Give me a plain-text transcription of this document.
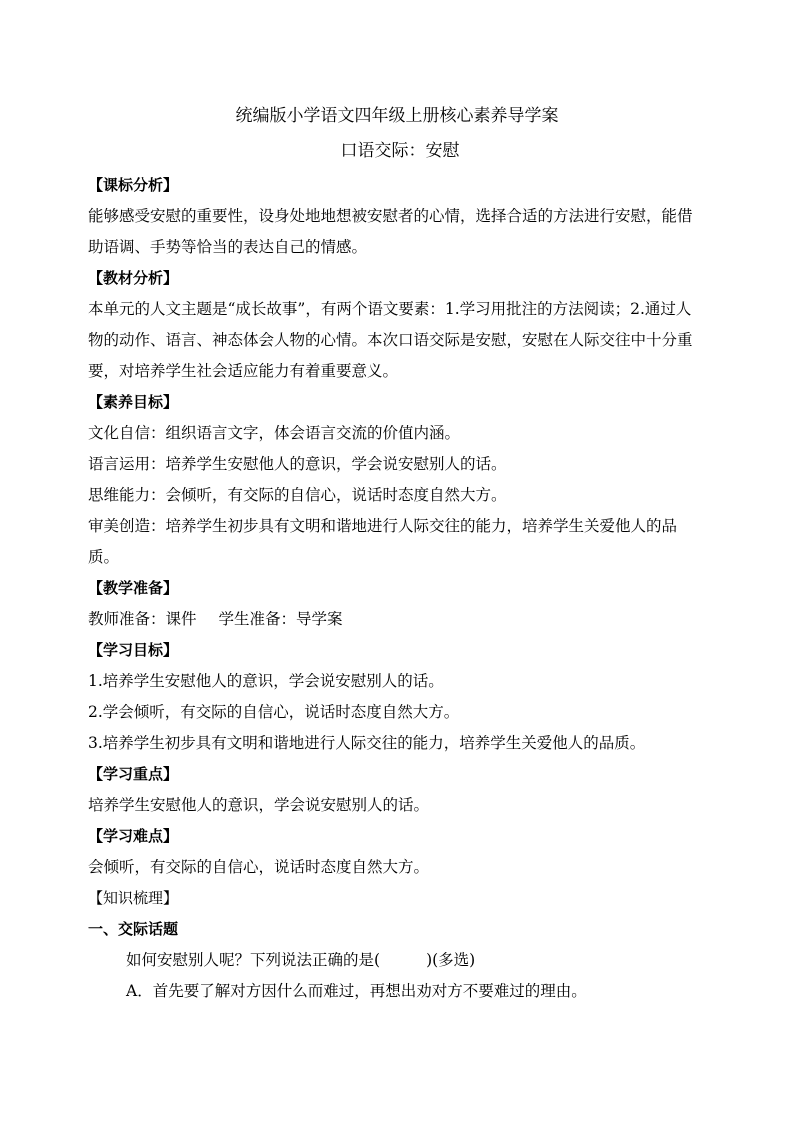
统编版小学语文四年级上册核心素养导学案
口语交际：安慰
【课标分析】
能够感受安慰的重要性，设身处地地想被安慰者的心情，选择合适的方法进行安慰，能借助语调、手势等恰当的表达自己的情感。
【教材分析】
本单元的人文主题是“成长故事”，有两个语文要素：1.学习用批注的方法阅读；2.通过人物的动作、语言、神态体会人物的心情。本次口语交际是安慰，安慰在人际交往中十分重要，对培养学生社会适应能力有着重要意义。
【素养目标】
文化自信：组织语言文字，体会语言交流的价值内涵。
语言运用：培养学生安慰他人的意识，学会说安慰别人的话。
思维能力：会倾听，有交际的自信心，说话时态度自然大方。
审美创造：培养学生初步具有文明和谐地进行人际交往的能力，培养学生关爱他人的品质。
【教学准备】
教师准备：课件 学生准备：导学案
【学习目标】
1.培养学生安慰他人的意识，学会说安慰别人的话。
2.学会倾听，有交际的自信心，说话时态度自然大方。
3.培养学生初步具有文明和谐地进行人际交往的能力，培养学生关爱他人的品质。
【学习重点】
培养学生安慰他人的意识，学会说安慰别人的话。
【学习难点】
会倾听，有交际的自信心，说话时态度自然大方。
【知识梳理】
一、交际话题
如何安慰别人呢？下列说法正确的是(	)(多选)
A．首先要了解对方因什么而难过，再想出劝对方不要难过的理由。
